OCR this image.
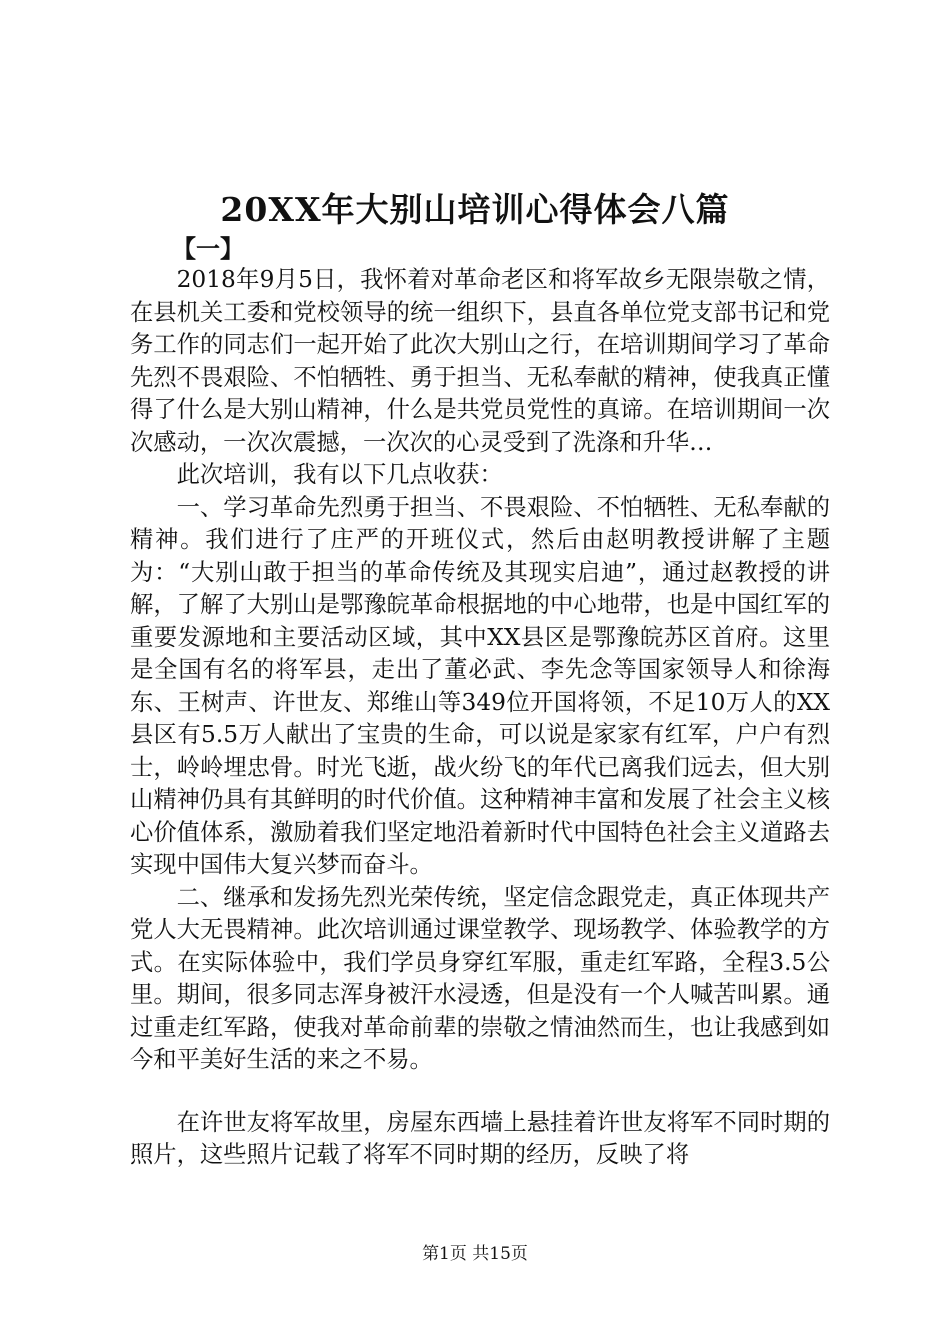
20XX年大别山培训心得体会八篇
【一】

2018年9月5日，我怀着对革命老区和将军故乡无限崇敬之情，在县机关工委和党校领导的统一组织下，县直各单位党支部书记和党务工作的同志们一起开始了此次大别山之行，在培训期间学习了革命先烈不畏艰险、不怕牺牲、勇于担当、无私奉献的精神，使我真正懂得了什么是大别山精神，什么是共党员党性的真谛。在培训期间一次次感动，一次次震撼，一次次的心灵受到了洗涤和升华…

此次培训，我有以下几点收获：

一、学习革命先烈勇于担当、不畏艰险、不怕牺牲、无私奉献的精神。我们进行了庄严的开班仪式，然后由赵明教授讲解了主题为：“大别山敢于担当的革命传统及其现实启迪”，通过赵教授的讲解，了解了大别山是鄂豫皖革命根据地的中心地带，也是中国红军的重要发源地和主要活动区域，其中XX县区是鄂豫皖苏区首府。这里是全国有名的将军县，走出了董必武、李先念等国家领导人和徐海东、王树声、许世友、郑维山等349位开国将领，不足10万人的XX县区有5.5万人献出了宝贵的生命，可以说是家家有红军，户户有烈士，岭岭埋忠骨。时光飞逝，战火纷飞的年代已离我们远去，但大别山精神仍具有其鲜明的时代价值。这种精神丰富和发展了社会主义核心价值体系，激励着我们坚定地沿着新时代中国特色社会主义道路去实现中国伟大复兴梦而奋斗。

二、继承和发扬先烈光荣传统，坚定信念跟党走，真正体现共产党人大无畏精神。此次培训通过课堂教学、现场教学、体验教学的方式。在实际体验中，我们学员身穿红军服，重走红军路，全程3.5公里。期间，很多同志浑身被汗水浸透，但是没有一个人喊苦叫累。通过重走红军路，使我对革命前辈的崇敬之情油然而生，也让我感到如今和平美好生活的来之不易。

在许世友将军故里，房屋东西墙上悬挂着许世友将军不同时期的照片，这些照片记载了将军不同时期的经历，反映了将

第1页 共15页
